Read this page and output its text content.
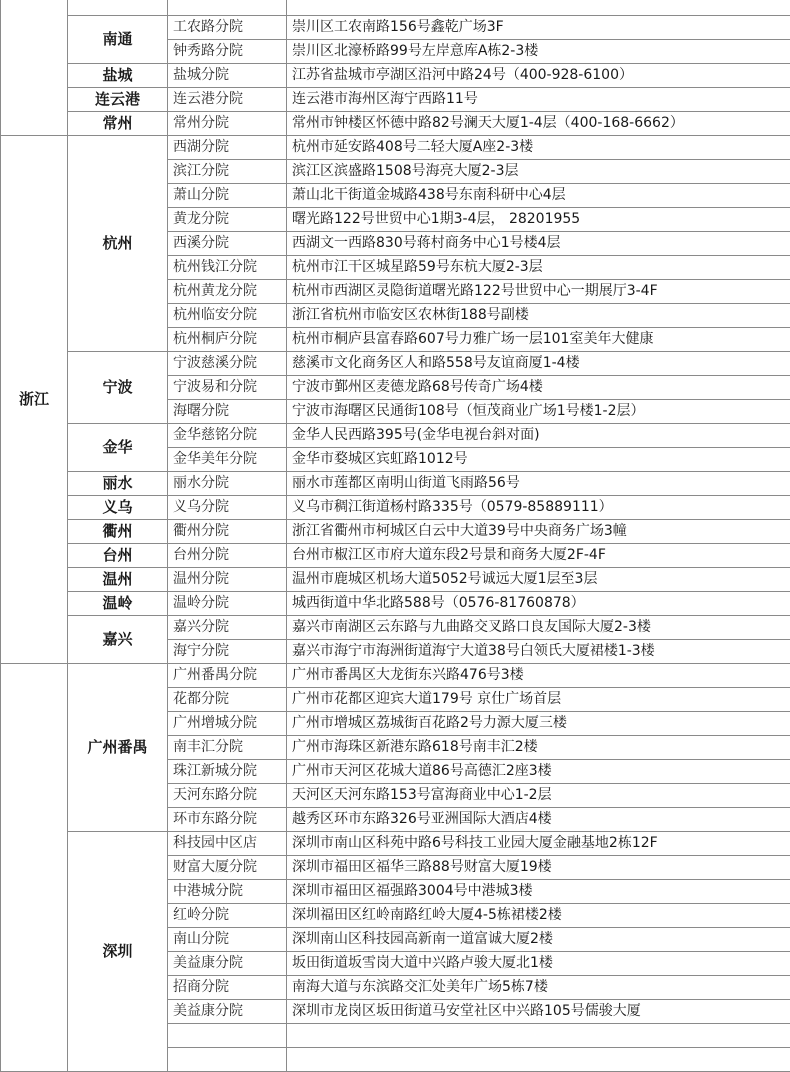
	南通	工农路分院	崇川区工农南路156号鑫乾广场3F
		钟秀路分院	崇川区北濠桥路99号左岸意库A栋2-3楼
	盐城	盐城分院	江苏省盐城市亭湖区沿河中路24号（400-928-6100）
	连云港	连云港分院	连云港市海州区海宁西路11号
	常州	常州分院	常州市钟楼区怀德中路82号澜天大厦1-4层（400-168-6662）
浙江	杭州	西湖分院	杭州市延安路408号二轻大厦A座2-3楼
		滨江分院	滨江区滨盛路1508号海亮大厦2-3层
		萧山分院	萧山北干街道金城路438号东南科研中心4层
		黄龙分院	曙光路122号世贸中心1期3-4层， 28201955
		西溪分院	西湖文一西路830号蒋村商务中心1号楼4层
		杭州钱江分院	杭州市江干区城星路59号东杭大厦2-3层
		杭州黄龙分院	杭州市西湖区灵隐街道曙光路122号世贸中心一期展厅3-4F
		杭州临安分院	浙江省杭州市临安区农林街188号副楼
		杭州桐庐分院	杭州市桐庐县富春路607号力雅广场一层101室美年大健康
	宁波	宁波慈溪分院	慈溪市文化商务区人和路558号友谊商厦1-4楼
		宁波易和分院	宁波市鄞州区麦德龙路68号传奇广场4楼
		海曙分院	宁波市海曙区民通街108号（恒茂商业广场1号楼1-2层）
	金华	金华慈铭分院	金华人民西路395号(金华电视台斜对面)
		金华美年分院	金华市婺城区宾虹路1012号
	丽水	丽水分院	丽水市莲都区南明山街道飞雨路56号
	义乌	义乌分院	义乌市稠江街道杨村路335号（0579-85889111）
	衢州	衢州分院	浙江省衢州市柯城区白云中大道39号中央商务广场3幢
	台州	台州分院	台州市椒江区市府大道东段2号景和商务大厦2F-4F
	温州	温州分院	温州市鹿城区机场大道5052号诚远大厦1层至3层
	温岭	温岭分院	城西街道中华北路588号（0576-81760878）
	嘉兴	嘉兴分院	嘉兴市南湖区云东路与九曲路交叉路口良友国际大厦2-3楼
		海宁分院	嘉兴市海宁市海洲街道海宁大道38号白领氏大厦裙楼1-3楼
	广州番禺	广州番禺分院	广州市番禺区大龙街东兴路476号3楼
		花都分院	广州市花都区迎宾大道179号 京仕广场首层
		广州增城分院	广州市增城区荔城街百花路2号力源大厦三楼
		南丰汇分院	广州市海珠区新港东路618号南丰汇2楼
		珠江新城分院	广州市天河区花城大道86号高德汇2座3楼
		天河东路分院	天河区天河东路153号富海商业中心1-2层
		环市东路分院	越秀区环市东路326号亚洲国际大酒店4楼
	深圳	科技园中区店	深圳市南山区科苑中路6号科技工业园大厦金融基地2栋12F
		财富大厦分院	深圳市福田区福华三路88号财富大厦19楼
		中港城分院	深圳市福田区福强路3004号中港城3楼
		红岭分院	深圳福田区红岭南路红岭大厦4-5栋裙楼2楼
		南山分院	深圳南山区科技园高新南一道富诚大厦2楼
		美益康分院	坂田街道坂雪岗大道中兴路卢骏大厦北1楼
		招商分院	南海大道与东滨路交汇处美年广场5栋7楼
		美益康分院	深圳市龙岗区坂田街道马安堂社区中兴路105号儒骏大厦
